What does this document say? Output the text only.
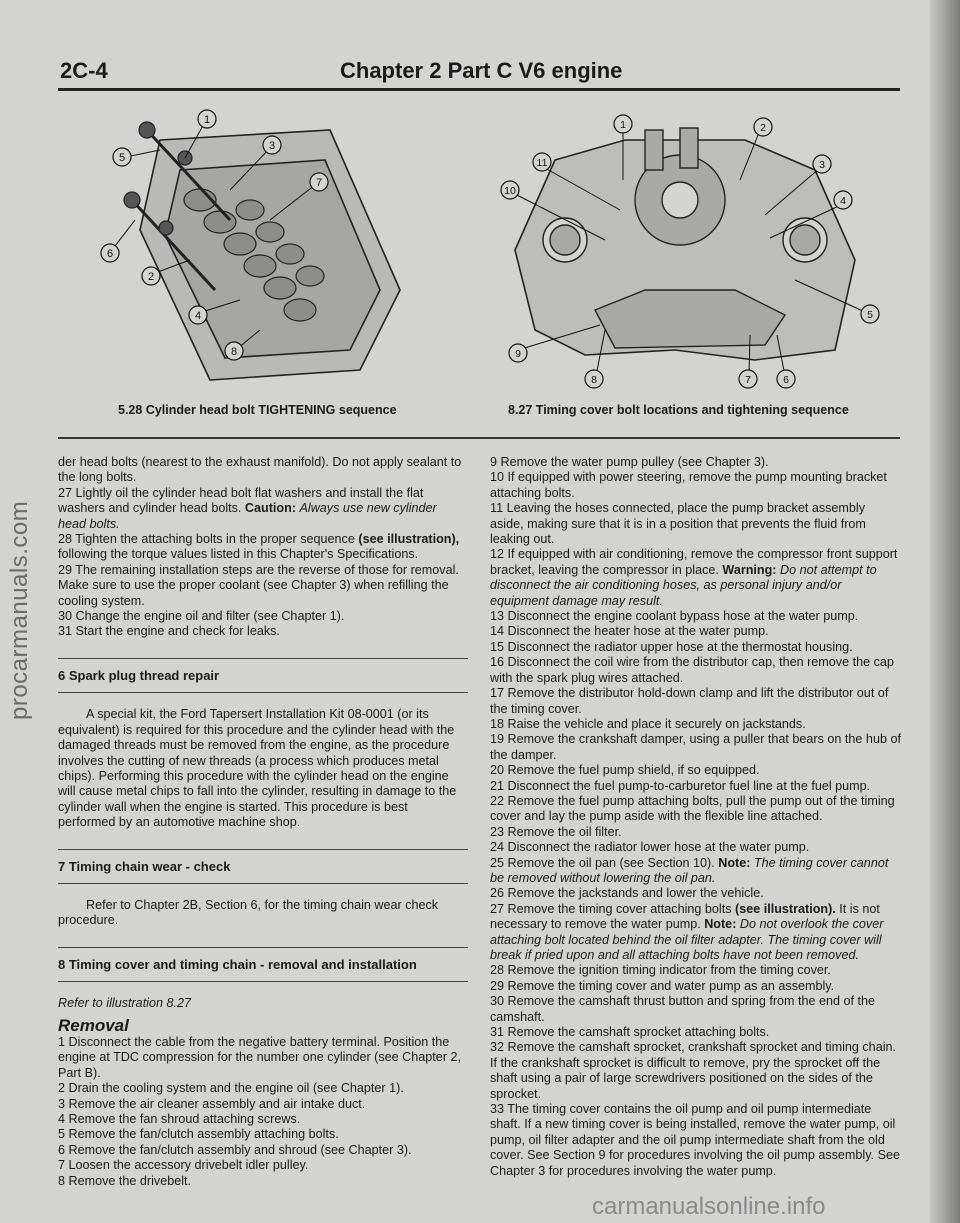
2C-4	Chapter 2 Part C V6 engine
1
3
5
7
6
2
4
8
1	2
11	3
10
4
5
9
8	7	6
5.28 Cylinder head bolt TIGHTENING sequence	8.27 Timing cover bolt locations and tightening sequence

der head bolts (nearest to the exhaust manifold). Do not apply sealant to the long bolts.

27 Lightly oil the cylinder head bolt flat washers and install the flat washers and cylinder head bolts. Caution: Always use new cylinder head bolts.

28 Tighten the attaching bolts in the proper sequence (see illustration), following the torque values listed in this Chapter's Specifications.

29 The remaining installation steps are the reverse of those for removal. Make sure to use the proper coolant (see Chapter 3) when refilling the cooling system.

30 Change the engine oil and filter (see Chapter 1).

31 Start the engine and check for leaks.

6 Spark plug thread repair

A special kit, the Ford Tapersert Installation Kit 08-0001 (or its equivalent) is required for this procedure and the cylinder head with the damaged threads must be removed from the engine, as the procedure involves the cutting of new threads (a process which produces metal chips). Performing this procedure with the cylinder head on the engine will cause metal chips to fall into the cylinder, resulting in damage to the cylinder wall when the engine is started. This procedure is best performed by an automotive machine shop.

7 Timing chain wear - check

Refer to Chapter 2B, Section 6, for the timing chain wear check procedure.

8 Timing cover and timing chain - removal and installation

Refer to illustration 8.27

Removal

1 Disconnect the cable from the negative battery terminal. Position the engine at TDC compression for the number one cylinder (see Chapter 2, Part B).

2 Drain the cooling system and the engine oil (see Chapter 1).

3 Remove the air cleaner assembly and air intake duct.

4 Remove the fan shroud attaching screws.

5 Remove the fan/clutch assembly attaching bolts.

6 Remove the fan/clutch assembly and shroud (see Chapter 3).

7 Loosen the accessory drivebelt idler pulley.

8 Remove the drivebelt.

9 Remove the water pump pulley (see Chapter 3).

10 If equipped with power steering, remove the pump mounting bracket attaching bolts.

11 Leaving the hoses connected, place the pump bracket assembly aside, making sure that it is in a position that prevents the fluid from leaking out.

12 If equipped with air conditioning, remove the compressor front support bracket, leaving the compressor in place. Warning: Do not attempt to disconnect the air conditioning hoses, as personal injury and/or equipment damage may result.

13 Disconnect the engine coolant bypass hose at the water pump.

14 Disconnect the heater hose at the water pump.

15 Disconnect the radiator upper hose at the thermostat housing.

16 Disconnect the coil wire from the distributor cap, then remove the cap with the spark plug wires attached.

17 Remove the distributor hold-down clamp and lift the distributor out of the timing cover.

18 Raise the vehicle and place it securely on jackstands.

19 Remove the crankshaft damper, using a puller that bears on the hub of the damper.

20 Remove the fuel pump shield, if so equipped.

21 Disconnect the fuel pump-to-carburetor fuel line at the fuel pump.

22 Remove the fuel pump attaching bolts, pull the pump out of the timing cover and lay the pump aside with the flexible line attached.

23 Remove the oil filter.

24 Disconnect the radiator lower hose at the water pump.

25 Remove the oil pan (see Section 10). Note: The timing cover cannot be removed without lowering the oil pan.

26 Remove the jackstands and lower the vehicle.

27 Remove the timing cover attaching bolts (see illustration). It is not necessary to remove the water pump. Note: Do not overlook the cover attaching bolt located behind the oil filter adapter. The timing cover will break if pried upon and all attaching bolts have not been removed.

28 Remove the ignition timing indicator from the timing cover.

29 Remove the timing cover and water pump as an assembly.

30 Remove the camshaft thrust button and spring from the end of the camshaft.

31 Remove the camshaft sprocket attaching bolts.

32 Remove the camshaft sprocket, crankshaft sprocket and timing chain. If the crankshaft sprocket is difficult to remove, pry the sprocket off the shaft using a pair of large screwdrivers positioned on the sides of the sprocket.

33 The timing cover contains the oil pump and oil pump intermediate shaft. If a new timing cover is being installed, remove the water pump, oil pump, oil filter adapter and the oil pump intermediate shaft from the old cover. See Section 9 for procedures involving the oil pump assembly. See Chapter 3 for procedures involving the water pump.

procarmanuals.com
carmanualsonline.info
